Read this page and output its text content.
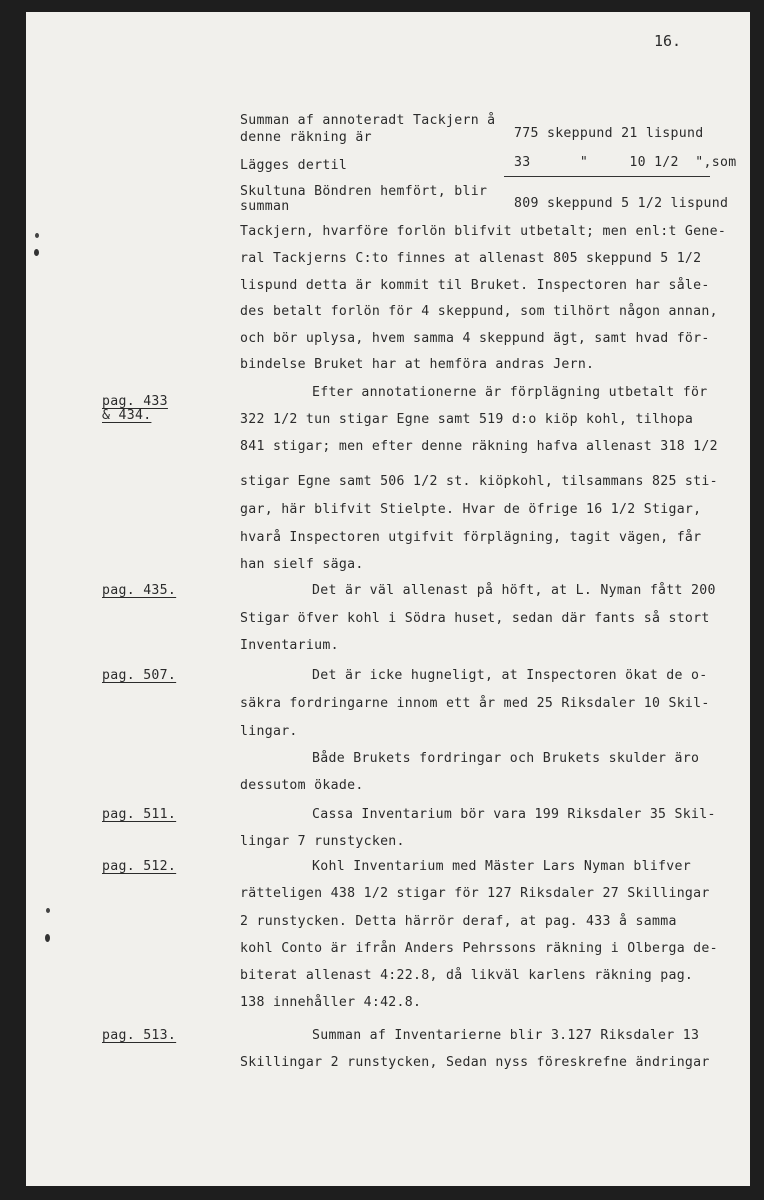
16.
Summan af annoteradt Tackjern å
denne räkning är	775 skeppund 21 lispund
Lägges dertil	33      "     10 1/2  ",som
Skultuna Böndren hemfört, blir
summan	809 skeppund 5 1/2 lispund
Tackjern, hvarföre forlön blifvit utbetalt; men enl:t Gene-
ral Tackjerns C:to finnes at allenast 805 skeppund 5 1/2
lispund detta är kommit til Bruket. Inspectoren har såle-
des betalt forlön för 4 skeppund, som tilhört någon annan,
och bör uplysa, hvem samma 4 skeppund ägt, samt hvad för-
bindelse Bruket har at hemföra andras Jern.
pag. 433
& 434.
Efter annotationerne är förplägning utbetalt för
322 1/2 tun stigar Egne samt 519 d:o kiöp kohl, tilhopa
841 stigar; men efter denne räkning hafva allenast 318 1/2
stigar Egne samt 506 1/2 st. kiöpkohl, tilsammans 825 sti-
gar, här blifvit Stielpte. Hvar de öfrige 16 1/2 Stigar,
hvarå Inspectoren utgifvit förplägning, tagit vägen, får
han sielf säga.
pag. 435.	Det är väl allenast på höft, at L. Nyman fått 200
Stigar öfver kohl i Södra huset, sedan där fants så stort
Inventarium.
pag. 507.	Det är icke hugneligt, at Inspectoren ökat de o-
säkra fordringarne innom ett år med 25 Riksdaler 10 Skil-
lingar.
Både Brukets fordringar och Brukets skulder äro
dessutom ökade.
pag. 511.	Cassa Inventarium bör vara 199 Riksdaler 35 Skil-
lingar 7 runstycken.
pag. 512.	Kohl Inventarium med Mäster Lars Nyman blifver
rätteligen 438 1/2 stigar för 127 Riksdaler 27 Skillingar
2 runstycken. Detta härrör deraf, at pag. 433 å samma
kohl Conto är ifrån Anders Pehrssons räkning i Olberga de-
biterat allenast 4:22.8, då likväl karlens räkning pag.
138 innehåller 4:42.8.
pag. 513.	Summan af Inventarierne blir 3.127 Riksdaler 13
Skillingar 2 runstycken, Sedan nyss föreskrefne ändringar
